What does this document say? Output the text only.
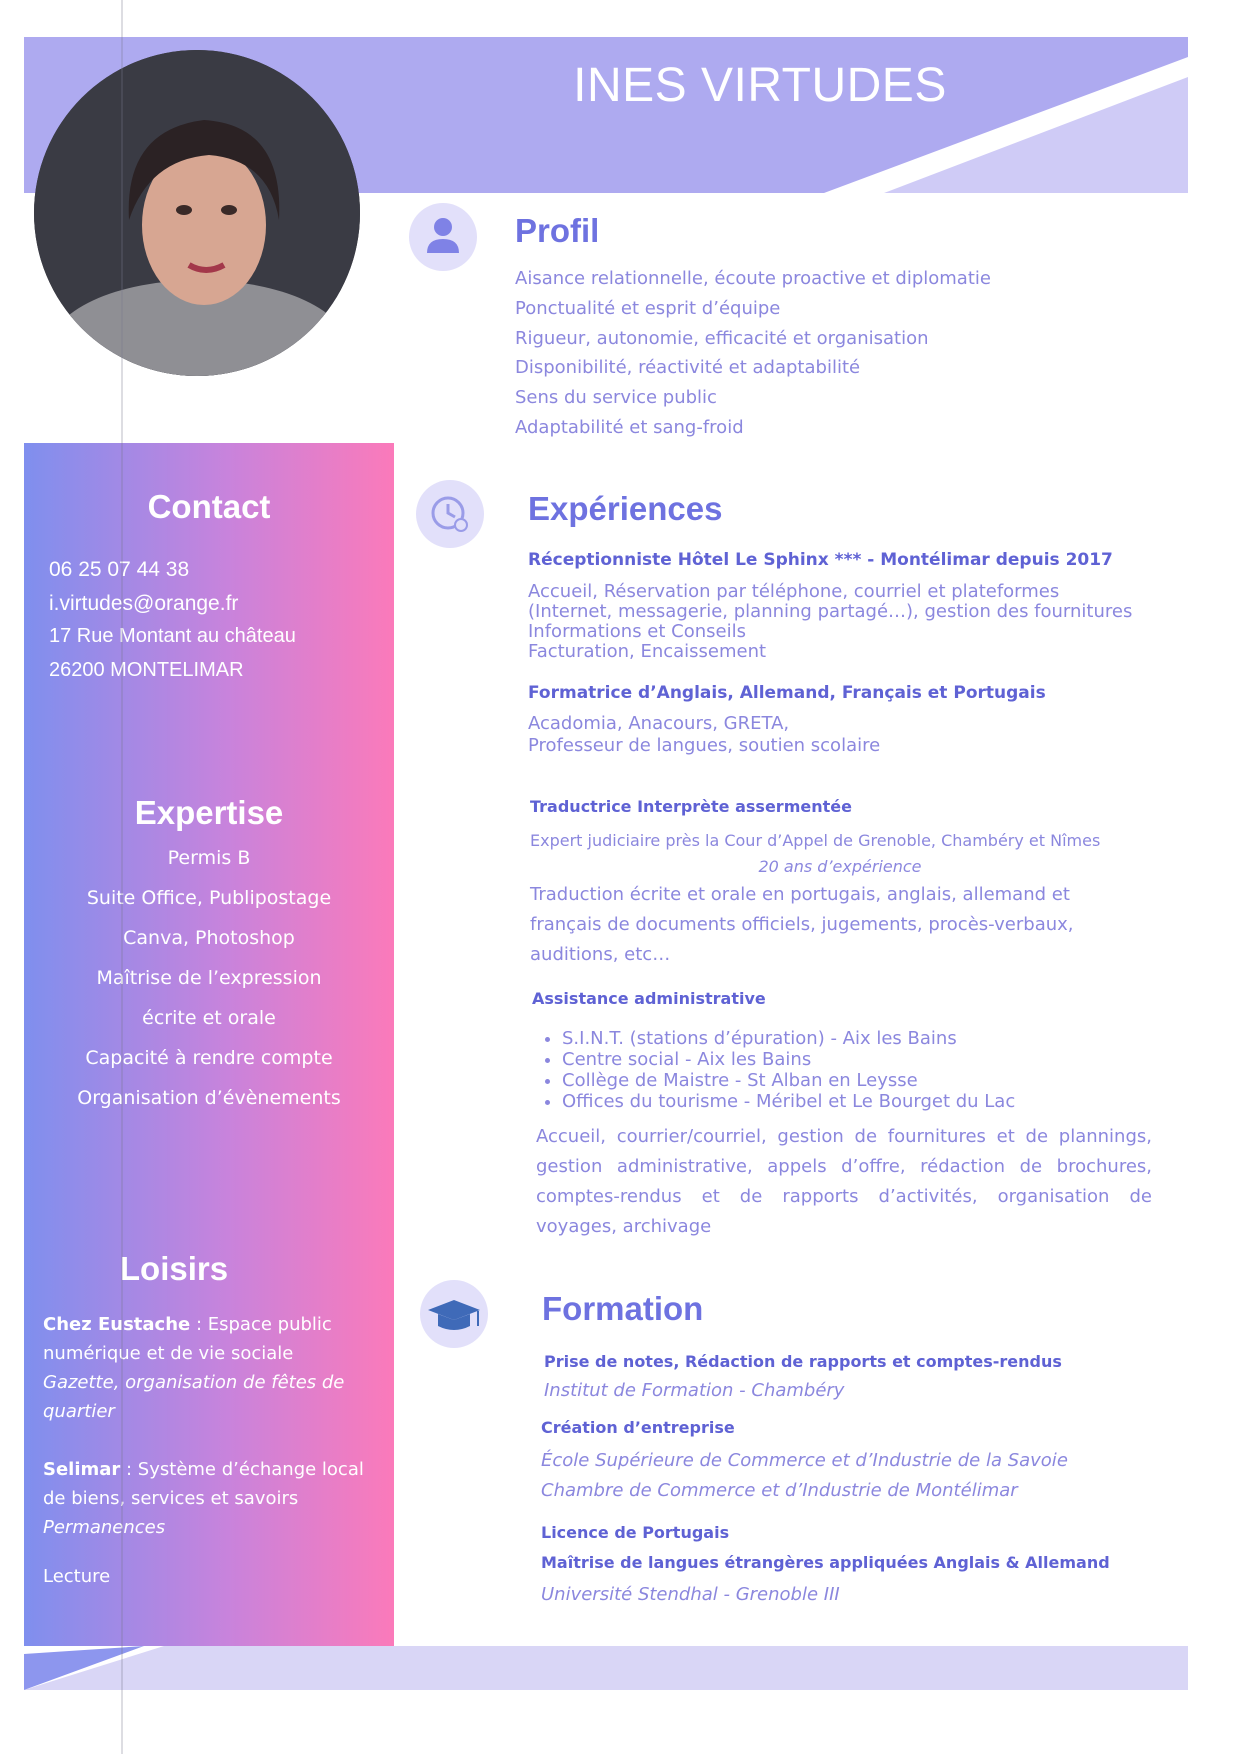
INES VIRTUDES
Contact
06 25 07 44 38
i.virtudes@orange.fr
17 Rue Montant au château
26200 MONTELIMAR
Expertise
Permis B
Suite Office, Publipostage
Canva, Photoshop
Maîtrise de l’expression
écrite et orale
Capacité à rendre compte
Organisation d’évènements
Loisirs
Chez Eustache : Espace public numérique et de vie sociale
Gazette, organisation de fêtes de quartier
Selimar : Système d’échange local de biens, services et savoirs
Permanences
Lecture
Profil
Aisance relationnelle, écoute proactive et diplomatie
Ponctualité et esprit d’équipe
Rigueur, autonomie, efficacité et organisation
Disponibilité, réactivité et adaptabilité
Sens du service public
Adaptabilité et sang-froid
Expériences
Réceptionniste Hôtel Le Sphinx *** - Montélimar depuis 2017
Accueil, Réservation par téléphone, courriel et plateformes
(Internet, messagerie, planning partagé…), gestion des fournitures
Informations et Conseils
Facturation, Encaissement
Formatrice d’Anglais, Allemand, Français et Portugais
Acadomia, Anacours, GRETA,
Professeur de langues, soutien scolaire
Traductrice Interprète assermentée
Expert judiciaire près la Cour d’Appel de Grenoble, Chambéry et Nîmes
20 ans d’expérience
Traduction écrite et orale en portugais, anglais, allemand et
français de documents officiels, jugements, procès-verbaux,
auditions, etc…
Assistance administrative
• S.I.N.T. (stations d’épuration) - Aix les Bains
• Centre social - Aix les Bains
• Collège de Maistre - St Alban en Leysse
• Offices du tourisme - Méribel et Le Bourget du Lac
Accueil, courrier/courriel, gestion de fournitures et de plannings, gestion administrative, appels d’offre, rédaction de brochures, comptes-rendus et de rapports d’activités, organisation de voyages, archivage
Formation
Prise de notes, Rédaction de rapports et comptes-rendus
Institut de Formation - Chambéry
Création d’entreprise
École Supérieure de Commerce et d’Industrie de la Savoie
Chambre de Commerce et d’Industrie de Montélimar
Licence de Portugais
Maîtrise de langues étrangères appliquées Anglais & Allemand
Université Stendhal - Grenoble III
